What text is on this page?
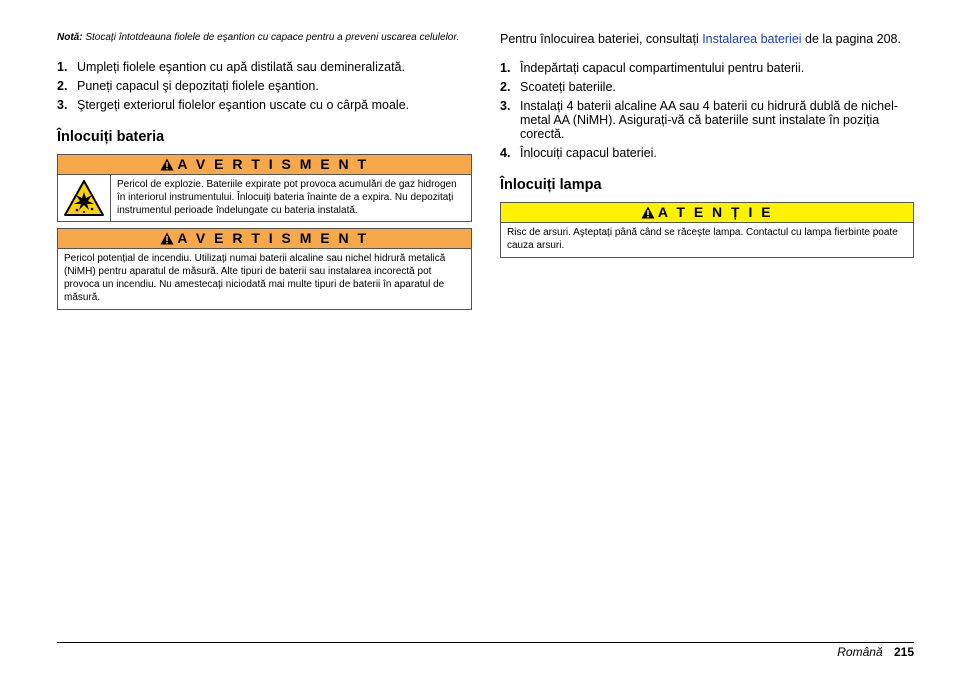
Notă: Stocați întotdeauna fiolele de eşantion cu capace pentru a preveni uscarea celulelor.

1. Umpleți fiolele eşantion cu apă distilată sau demineralizată.
2. Puneți capacul şi depozitați fiolele eşantion.
3. Ştergeți exteriorul fiolelor eşantion uscate cu o cârpă moale.
Înlocuiți bateria
A V E R T I S M E N T
Pericol de explozie. Bateriile expirate pot provoca acumulări de gaz hidrogen în interiorul instrumentului. Înlocuiți bateria înainte de a expira. Nu depozitați instrumentul perioade îndelungate cu bateria instalată.
A V E R T I S M E N T
Pericol potențial de incendiu. Utilizați numai baterii alcaline sau nichel hidrură metalică (NiMH) pentru aparatul de măsură. Alte tipuri de baterii sau instalarea incorectă pot provoca un incendiu. Nu amestecați niciodată mai multe tipuri de baterii în aparatul de măsură.

Pentru înlocuirea bateriei, consultați Instalarea bateriei de la pagina 208.

1. Îndepărtați capacul compartimentului pentru baterii.
2. Scoateți bateriile.
3. Instalați 4 baterii alcaline AA sau 4 baterii cu hidrură dublă de nichel-metal AA (NiMH). Asigurați-vă că bateriile sunt instalate în poziția corectă.
4. Înlocuiți capacul bateriei.
Înlocuiți lampa
A T E N Ț I E
Risc de arsuri. Aşteptați până când se răceşte lampa. Contactul cu lampa fierbinte poate cauza arsuri.
Română 215
